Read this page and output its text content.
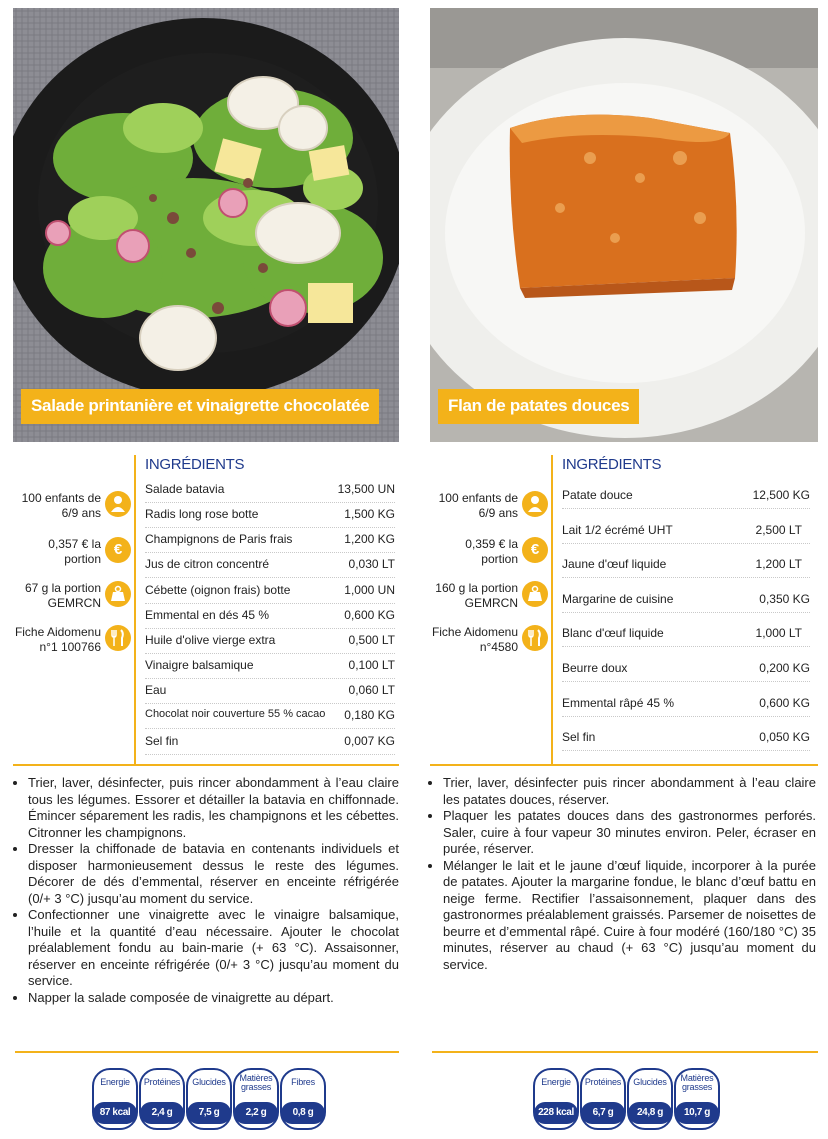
Salade printanière et vinaigrette chocolatée
100 enfants de 6/9 ans
0,357 € la portion
€
67 g la portion GEMRCN
Fiche Aidomenu n°1 100766
INGRÉDIENTS
Salade batavia	13,500 UN
Radis long rose botte	1,500 KG
Champignons de Paris frais	1,200 KG
Jus de citron concentré	0,030 LT
Cébette (oignon frais) botte	1,000 UN
Emmental en dés 45 %	0,600 KG
Huile d'olive vierge extra	0,500 LT
Vinaigre balsamique	0,100 LT
Eau	0,060 LT
Chocolat noir couverture 55 % cacao 0,180 KG
Sel fin	0,007 KG
• Trier, laver, désinfecter, puis rincer abondamment à l’eau claire tous les légumes. Essorer et détailler la batavia en chiffonnade. Émincer séparement les radis, les champignons et les cébettes. Citronner les champignons.
• Dresser la chiffonade de batavia en contenants individuels et disposer harmonieusement dessus le reste des légumes. Décorer de dés d’emmental, réserver en enceinte réfrigérée (0/+ 3 °C) jusqu’au moment du service.
• Confectionner une vinaigrette avec le vinaigre balsamique, l’huile et la quantité d’eau nécessaire. Ajouter le chocolat préalablement fondu au bain-marie (+ 63 °C). Assaisonner, réserver en enceinte réfrigérée (0/+ 3 °C) jusqu’au moment du service.
• Napper la salade composée de vinaigrette au départ.
Energie
87 kcal
Protéines
2,4 g
Glucides
7,5 g
Matières grasses
2,2 g
Fibres
0,8 g
Flan de patates douces
100 enfants de 6/9 ans
0,359 € la portion
€
160 g la portion GEMRCN
Fiche Aidomenu n°4580
INGRÉDIENTS
Patate douce	12,500 KG
Lait 1/2 écrémé UHT	2,500 LT
Jaune d'œuf liquide	1,200 LT
Margarine de cuisine	0,350 KG
Blanc d'œuf liquide	1,000 LT
Beurre doux	0,200 KG
Emmental râpé 45 %	0,600 KG
Sel fin	0,050 KG
• Trier, laver, désinfecter puis rincer abondamment à l’eau claire les patates douces, réserver.
• Plaquer les patates douces dans des gastronormes perforés. Saler, cuire à four vapeur 30 minutes environ. Peler, écraser en purée, réserver.
• Mélanger le lait et le jaune d’œuf liquide, incorporer à la purée de patates. Ajouter la margarine fondue, le blanc d’œuf battu en neige ferme. Rectifier l’assaisonnement, plaquer dans des gastronormes préalablement graissés. Parsemer de noisettes de beurre et d’emmental râpé. Cuire à four modéré (160/180 °C) 35 minutes, réserver au chaud (+ 63 °C) jusqu’au moment du service.
Energie
228 kcal
Protéines
6,7 g
Glucides
24,8 g
Matières grasses
10,7 g
